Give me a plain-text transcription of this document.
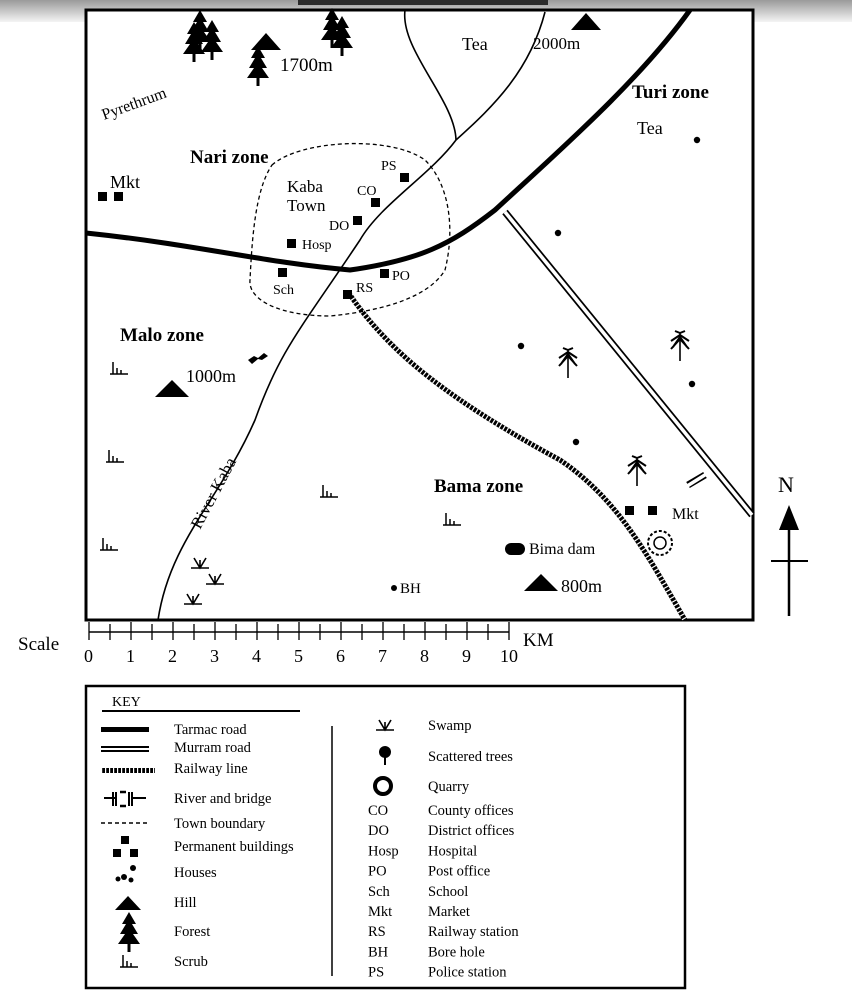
Pyrethrum
1700m
2000m
Tea
Turi zone
Tea
Nari zone
Mkt	Kaba
Town
PS
CO
DO
Hosp
Sch
PO
RS
Malo zone
1000m
River Kaba	Bama zone
Mkt
Bima dam
BH	800m
N
Scale
0 1 2 3 4 5 6 7 8 9 10
KM
KEY
Tarmac road
Murram road
Railway line
River and bridge
Town boundary
Permanent buildings
Houses
Hill
Forest
Scrub
Swamp
Scattered trees
Quarry
CO	County offices
DO	District offices
Hosp Hospital
PO	Post office
Sch	School
Mkt Market
RS	Railway station
BH	Bore hole
PS	Police station
